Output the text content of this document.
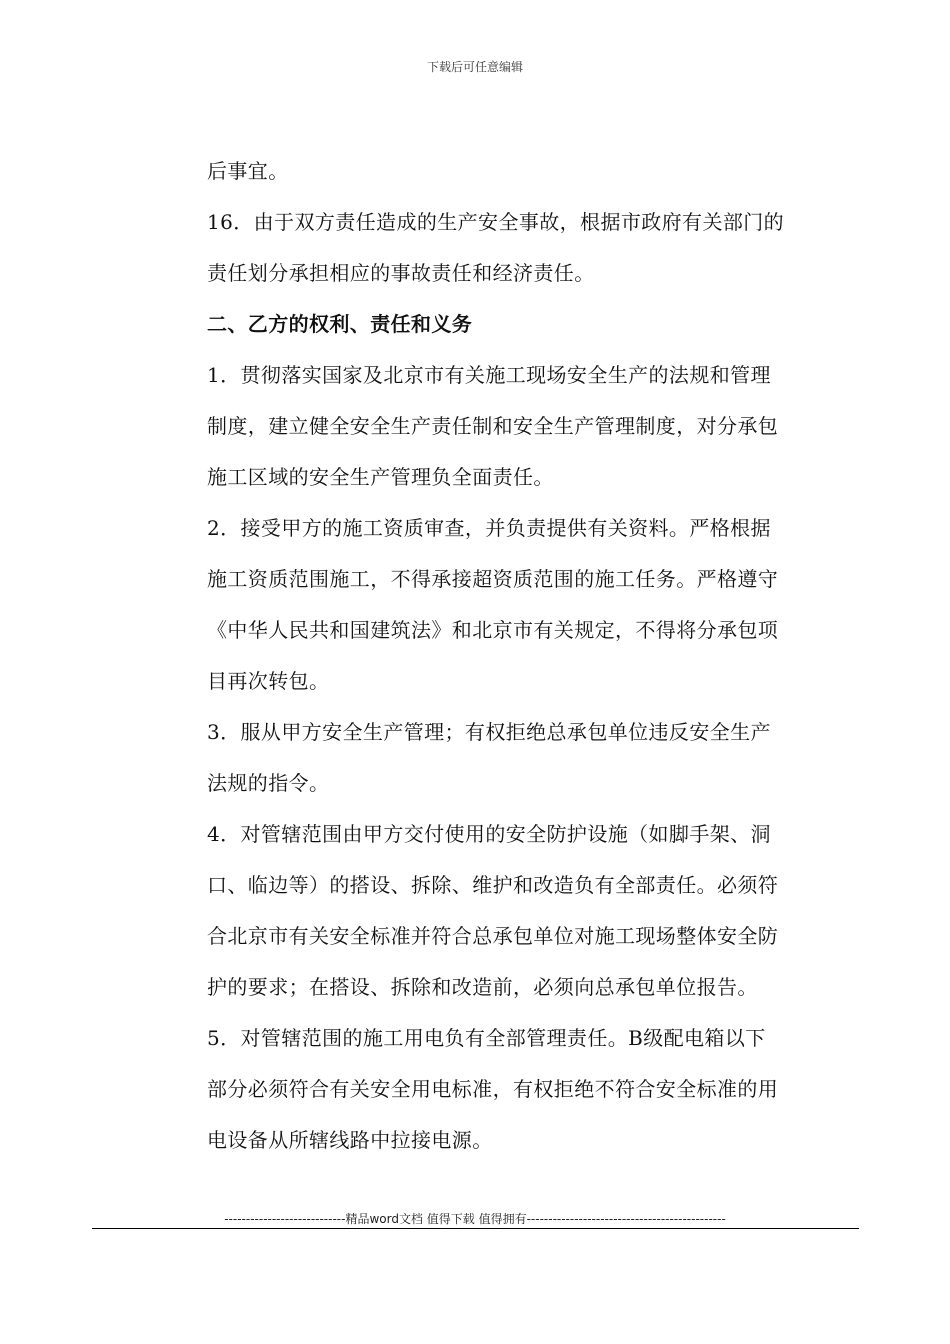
下载后可任意编辑
后事宜。
16．由于双方责任造成的生产安全事故，根据市政府有关部门的
责任划分承担相应的事故责任和经济责任。
二、乙方的权利、责任和义务
1．贯彻落实国家及北京市有关施工现场安全生产的法规和管理
制度，建立健全安全生产责任制和安全生产管理制度，对分承包
施工区域的安全生产管理负全面责任。
2．接受甲方的施工资质审查，并负责提供有关资料。严格根据
施工资质范围施工，不得承接超资质范围的施工任务。严格遵守
《中华人民共和国建筑法》和北京市有关规定，不得将分承包项
目再次转包。
3．服从甲方安全生产管理；有权拒绝总承包单位违反安全生产
法规的指令。
4．对管辖范围由甲方交付使用的安全防护设施（如脚手架、洞
口、临边等）的搭设、拆除、维护和改造负有全部责任。必须符
合北京市有关安全标准并符合总承包单位对施工现场整体安全防
护的要求；在搭设、拆除和改造前，必须向总承包单位报告。
5．对管辖范围的施工用电负有全部管理责任。B级配电箱以下
部分必须符合有关安全用电标准，有权拒绝不符合安全标准的用
电设备从所辖线路中拉接电源。
----------------------------精品word文档 值得下载 值得拥有----------------------------------------------
